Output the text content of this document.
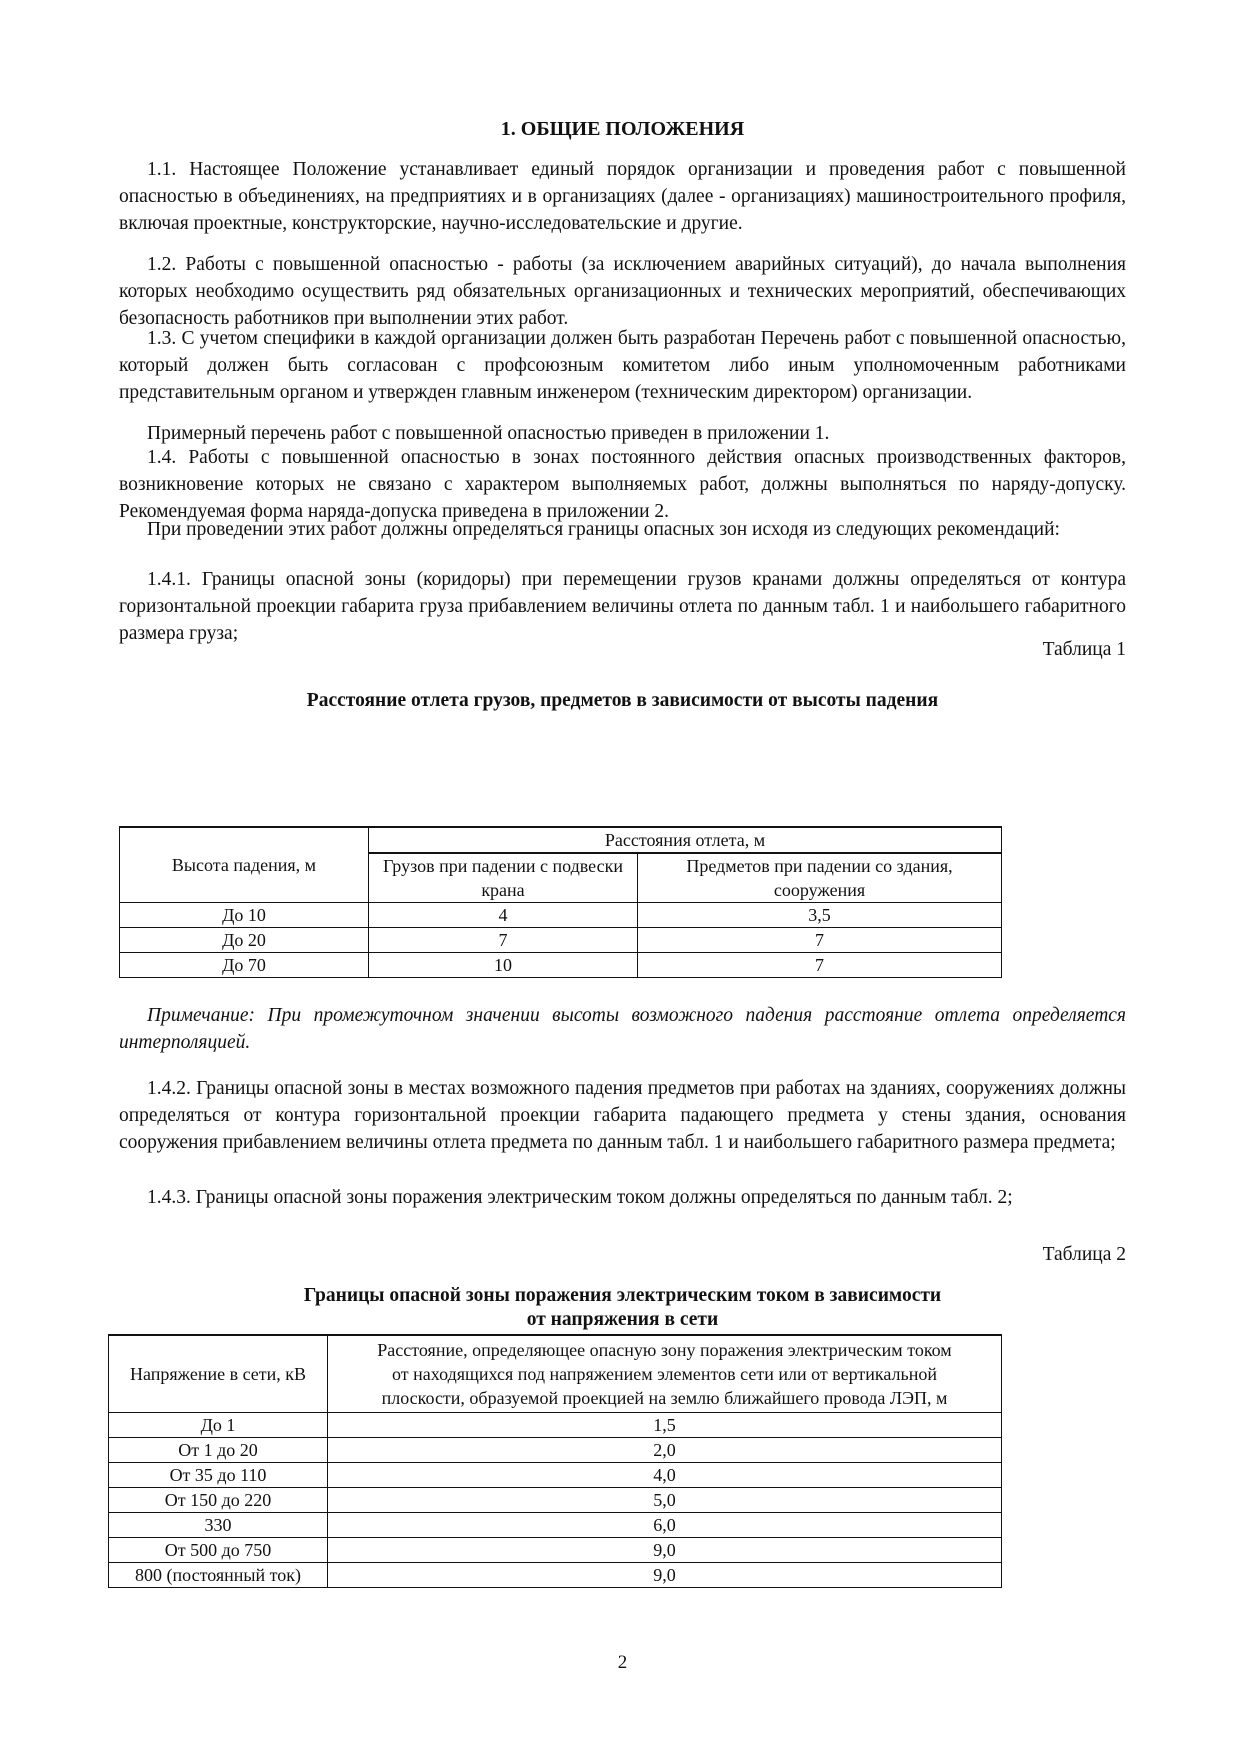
1. ОБЩИЕ ПОЛОЖЕНИЯ
1.1. Настоящее Положение устанавливает единый порядок организации и проведения работ с повышенной опасностью в объединениях, на предприятиях и в организациях (далее - организациях) машиностроительного профиля, включая проектные, конструкторские, научно-исследовательские и другие.
1.2. Работы с повышенной опасностью - работы (за исключением аварийных ситуаций), до начала выполнения которых необходимо осуществить ряд обязательных организационных и технических мероприятий, обеспечивающих безопасность работников при выполнении этих работ.
1.3. С учетом специфики в каждой организации должен быть разработан Перечень работ с повышенной опасностью, который должен быть согласован с профсоюзным комитетом либо иным уполномоченным работниками представительным органом и утвержден главным инженером (техническим директором) организации.
Примерный перечень работ с повышенной опасностью приведен в приложении 1.
1.4. Работы с повышенной опасностью в зонах постоянного действия опасных производственных факторов, возникновение которых не связано с характером выполняемых работ, должны выполняться по наряду-допуску. Рекомендуемая форма наряда-допуска приведена в приложении 2.
При проведении этих работ должны определяться границы опасных зон исходя из следующих рекомендаций:
1.4.1. Границы опасной зоны (коридоры) при перемещении грузов кранами должны определяться от контура горизонтальной проекции габарита груза прибавлением величины отлета по данным табл. 1 и наибольшего габаритного размера груза;
Таблица 1
Расстояние отлета грузов, предметов в зависимости от высоты падения
Высота падения, м	Расстояния отлета, м	
	Грузов при падении с подвески крана	Предметов при падении со здания, сооружения
До 10	4	3,5
До 20	7	7
До 70	10	7
Примечание: При промежуточном значении высоты возможного падения расстояние отлета определяется интерполяцией.
1.4.2. Границы опасной зоны в местах возможного падения предметов при работах на зданиях, сооружениях должны определяться от контура горизонтальной проекции габарита падающего предмета у стены здания, основания сооружения прибавлением величины отлета предмета по данным табл. 1 и наибольшего габаритного размера предмета;
1.4.3. Границы опасной зоны поражения электрическим током должны определяться по данным табл. 2;
Таблица 2
Границы опасной зоны поражения электрическим током в зависимости
от напряжения в сети
Напряжение в сети, кВ	Расстояние, определяющее опасную зону поражения электрическим током от находящихся под напряжением элементов сети или от вертикальной плоскости, образуемой проекцией на землю ближайшего провода ЛЭП, м
До 1	1,5
От 1 до 20	2,0
От 35 до 110	4,0
От 150 до 220	5,0
330	6,0
От 500 до 750	9,0
800 (постоянный ток)	9,0
2
